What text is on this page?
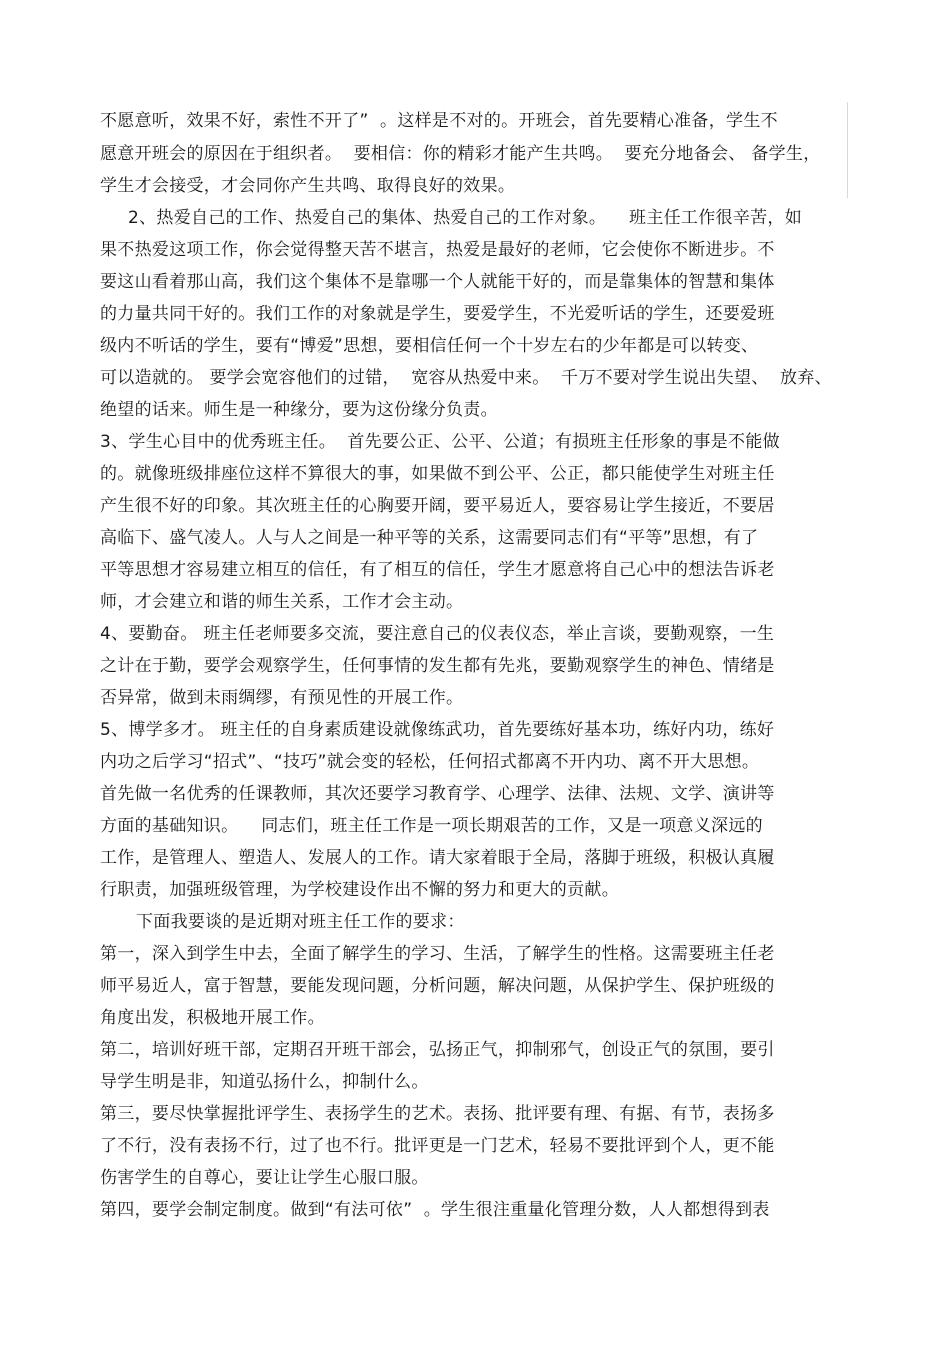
不愿意听，效果不好，索性不开了”  。这样是不对的。开班会，首先要精心准备，学生不
愿意开班会的原因在于组织者。  要相信：你的精彩才能产生共鸣。  要充分地备会、 备学生，
学生才会接受，才会同你产生共鸣、取得良好的效果。
2、热爱自己的工作、热爱自己的集体、热爱自己的工作对象。    班主任工作很辛苦，如
果不热爱这项工作，你会觉得整天苦不堪言，热爱是最好的老师，它会使你不断进步。不
要这山看着那山高，我们这个集体不是靠哪一个人就能干好的，而是靠集体的智慧和集体
的力量共同干好的。我们工作的对象就是学生，要爱学生，不光爱听话的学生，还要爱班
级内不听话的学生，要有“博爱”思想，要相信任何一个十岁左右的少年都是可以转变、
可以造就的。 要学会宽容他们的过错，  宽容从热爱中来。  千万不要对学生说出失望、  放弃、
绝望的话来。师生是一种缘分，要为这份缘分负责。
3、学生心目中的优秀班主任。  首先要公正、公平、公道；有损班主任形象的事是不能做
的。就像班级排座位这样不算很大的事，如果做不到公平、公正，都只能使学生对班主任
产生很不好的印象。其次班主任的心胸要开阔，要平易近人，要容易让学生接近，不要居
高临下、盛气凌人。人与人之间是一种平等的关系，这需要同志们有“平等”思想，有了
平等思想才容易建立相互的信任，有了相互的信任，学生才愿意将自己心中的想法告诉老
师，才会建立和谐的师生关系，工作才会主动。
4、要勤奋。 班主任老师要多交流，要注意自己的仪表仪态，举止言谈，要勤观察，一生
之计在于勤，要学会观察学生，任何事情的发生都有先兆，要勤观察学生的神色、情绪是
否异常，做到未雨绸缪，有预见性的开展工作。
5、博学多才。 班主任的自身素质建设就像练武功，首先要练好基本功，练好内功，练好
内功之后学习“招式”、“技巧”就会变的轻松，任何招式都离不开内功、离不开大思想。
首先做一名优秀的任课教师，其次还要学习教育学、心理学、法律、法规、文学、演讲等
方面的基础知识。    同志们，班主任工作是一项长期艰苦的工作，又是一项意义深远的
工作，是管理人、塑造人、发展人的工作。请大家着眼于全局，落脚于班级，积极认真履
行职责，加强班级管理，为学校建设作出不懈的努力和更大的贡献。
下面我要谈的是近期对班主任工作的要求：
第一，深入到学生中去，全面了解学生的学习、生活，了解学生的性格。这需要班主任老
师平易近人，富于智慧，要能发现问题，分析问题，解决问题，从保护学生、保护班级的
角度出发，积极地开展工作。
第二，培训好班干部，定期召开班干部会，弘扬正气，抑制邪气，创设正气的氛围，要引
导学生明是非，知道弘扬什么，抑制什么。
第三，要尽快掌握批评学生、表扬学生的艺术。表扬、批评要有理、有据、有节，表扬多
了不行，没有表扬不行，过了也不行。批评更是一门艺术，轻易不要批评到个人，更不能
伤害学生的自尊心，要让让学生心服口服。
第四，要学会制定制度。做到“有法可依”  。学生很注重量化管理分数，人人都想得到表
